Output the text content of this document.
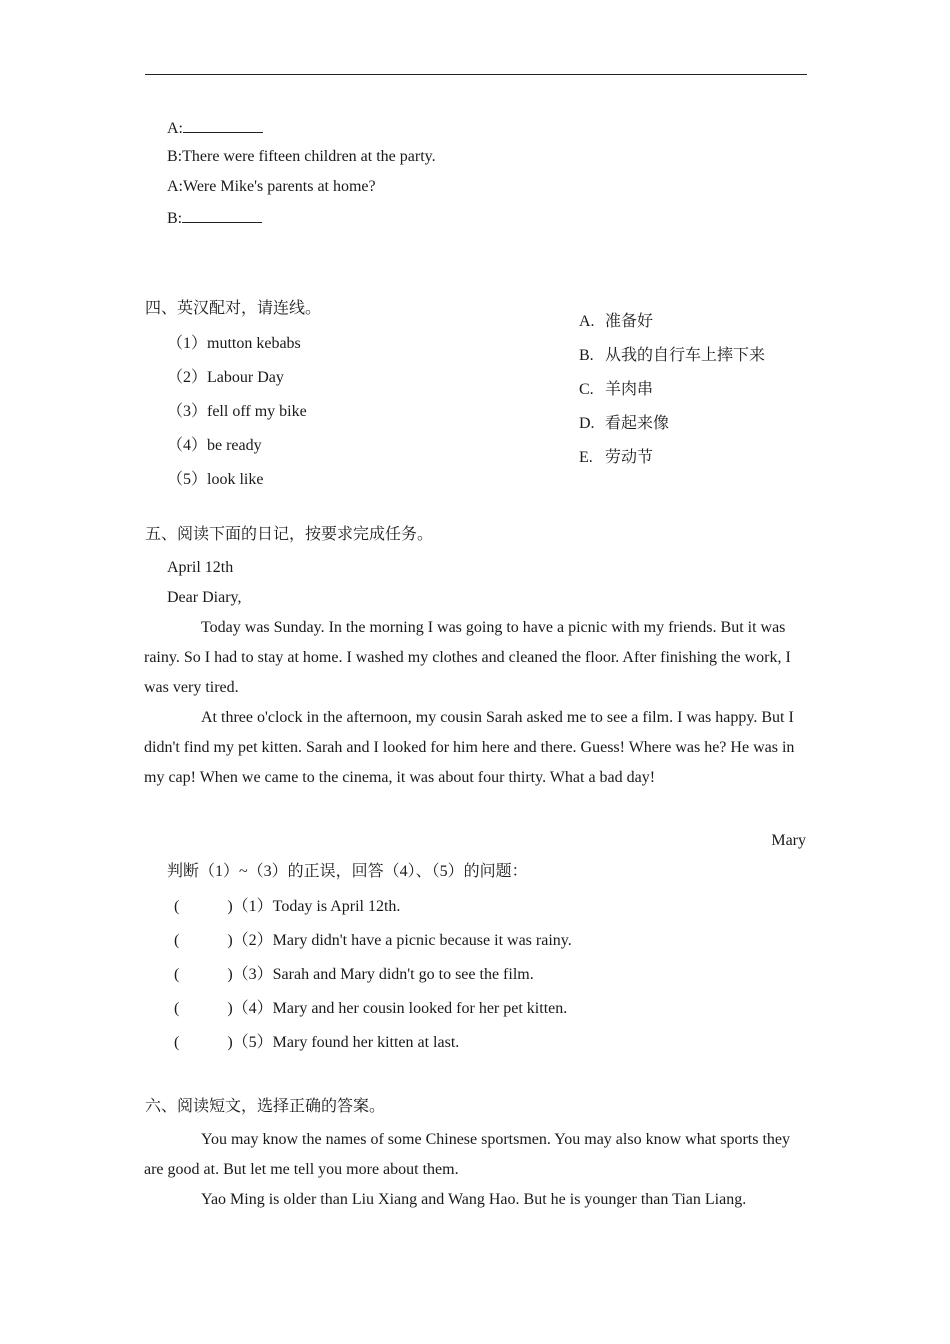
A:
B:There were fifteen children at the party.
A:Were Mike's parents at home?
B:
四、英汉配对，请连线。
（1）mutton kebabs
（2）Labour Day
（3）fell off my bike
（4）be ready
（5）look like
A. 准备好
B. 从我的自行车上摔下来
C. 羊肉串
D. 看起来像
E. 劳动节
五、阅读下面的日记，按要求完成任务。
April 12th
Dear Diary,

Today was Sunday. In the morning I was going to have a picnic with my friends. But it was rainy. So I had to stay at home. I washed my clothes and cleaned the floor. After finishing the work, I was very tired.

At three o'clock in the afternoon, my cousin Sarah asked me to see a film. I was happy. But I didn't find my pet kitten. Sarah and I looked for him here and there. Guess! Where was he? He was in my cap! When we came to the cinema, it was about four thirty. What a bad day!

Mary
判断（1）~（3）的正误，回答（4）、（5）的问题：
(　　　)（1）Today is April 12th.
(　　　)（2）Mary didn't have a picnic because it was rainy.
(　　　)（3）Sarah and Mary didn't go to see the film.
(　　　)（4）Mary and her cousin looked for her pet kitten.
(　　　)（5）Mary found her kitten at last.
六、阅读短文，选择正确的答案。

You may know the names of some Chinese sportsmen. You may also know what sports they are good at. But let me tell you more about them.

Yao Ming is older than Liu Xiang and Wang Hao. But he is younger than Tian Liang.
